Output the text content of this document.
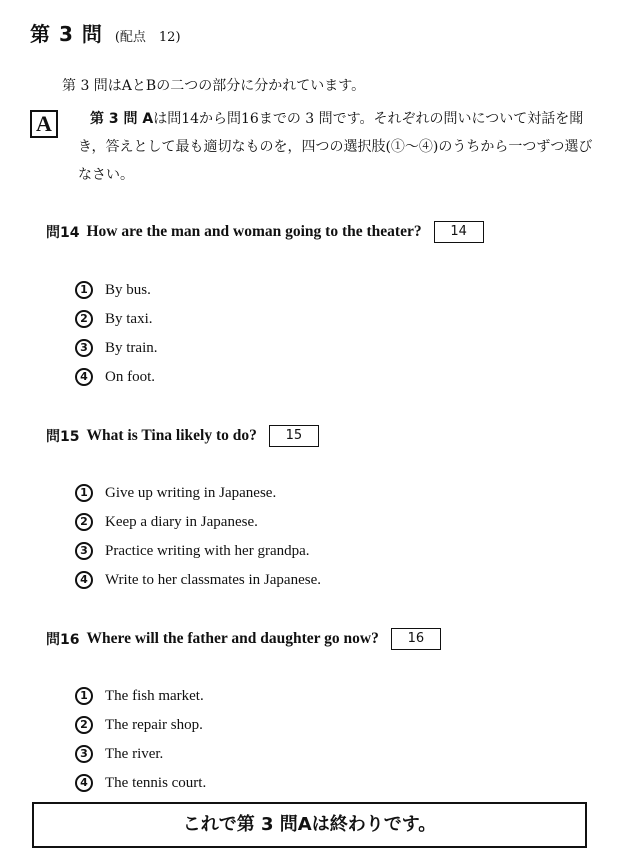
第 3 問 (配点　12)
第 3 問はAとBの二つの部分に分かれています。
A	第 3 問 Aは問14から問16までの 3 問です。それぞれの問いについて対話を聞き，答えとして最も適切なものを，四つの選択肢(①～④)のうちから一つずつ選びなさい。
問14 How are the man and woman going to the theater?	14
1	By bus.
2	By taxi.
3	By train.
4	On foot.
問15 What is Tina likely to do?	15
1	Give up writing in Japanese.
2	Keep a diary in Japanese.
3	Practice writing with her grandpa.
4	Write to her classmates in Japanese.
問16 Where will the father and daughter go now?	16
1	The fish market.
2	The repair shop.
3	The river.
4	The tennis court.
これで第 3 問Aは終わりです。
